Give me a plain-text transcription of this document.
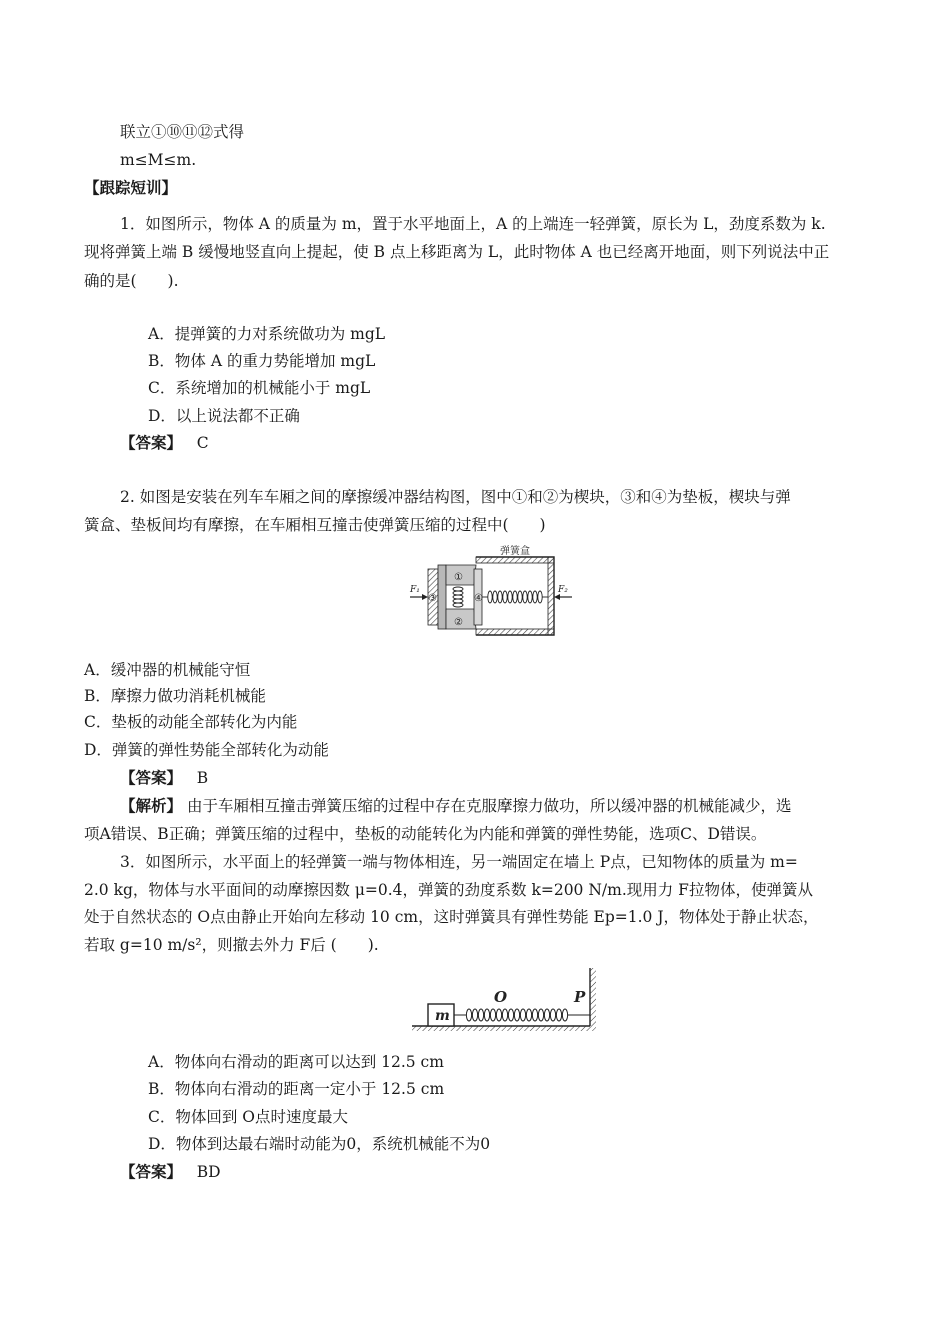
联立①⑩⑪⑫式得
m≤M≤m.
【跟踪短训】
1．如图所示，物体 A 的质量为 m，置于水平地面上，A 的上端连一轻弹簧，原长为 L，劲度系数为 k.
现将弹簧上端 B 缓慢地竖直向上提起，使 B 点上移距离为 L，此时物体 A 也已经离开地面，则下列说法中正
确的是(　　).
A．提弹簧的力对系统做功为 mgL
B．物体 A 的重力势能增加 mgL
C．系统增加的机械能小于 mgL
D．以上说法都不正确
【答案】 C
2. 如图是安装在列车车厢之间的摩擦缓冲器结构图，图中①和②为楔块，③和④为垫板，楔块与弹
簧盒、垫板间均有摩擦，在车厢相互撞击使弹簧压缩的过程中(　　)
弹簧盒
①
②
③	④
F₁	F₂
A．缓冲器的机械能守恒
B．摩擦力做功消耗机械能
C．垫板的动能全部转化为内能
D．弹簧的弹性势能全部转化为动能
【答案】 B
【解析】 由于车厢相互撞击弹簧压缩的过程中存在克服摩擦力做功，所以缓冲器的机械能减少，选
项A错误、B正确；弹簧压缩的过程中，垫板的动能转化为内能和弹簧的弹性势能，选项C、D错误。
3．如图所示，水平面上的轻弹簧一端与物体相连，另一端固定在墙上 P点，已知物体的质量为 m=
2.0 kg，物体与水平面间的动摩擦因数 μ=0.4，弹簧的劲度系数 k=200 N/m.现用力 F拉物体，使弹簧从
处于自然状态的 O点由静止开始向左移动 10 cm，这时弹簧具有弹性势能 Ep=1.0 J，物体处于静止状态，
若取 g=10 m/s²，则撤去外力 F后 (　　).
m
O	P
A．物体向右滑动的距离可以达到 12.5 cm
B．物体向右滑动的距离一定小于 12.5 cm
C．物体回到 O点时速度最大
D．物体到达最右端时动能为0，系统机械能不为0
【答案】 BD
